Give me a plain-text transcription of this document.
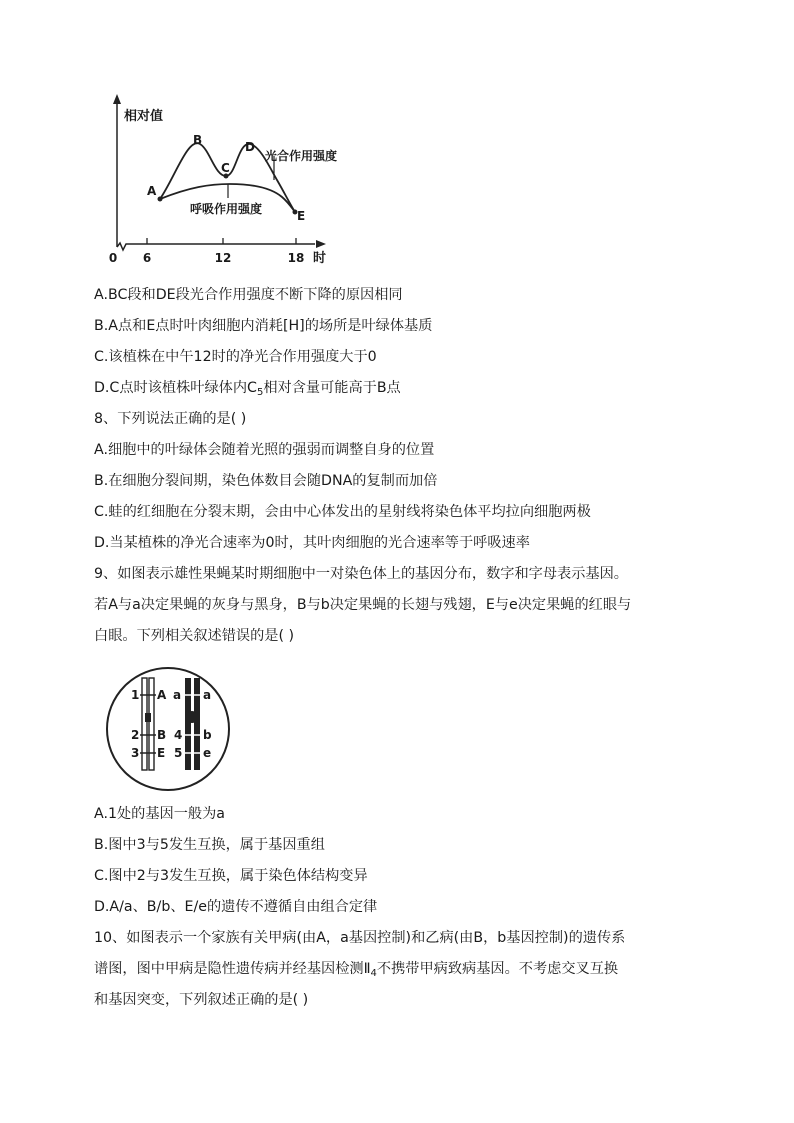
相对值
时
0 6	12	18
A
B
C
D
E
光合作用强度
呼吸作用强度
A.BC段和DE段光合作用强度不断下降的原因相同
B.A点和E点时叶肉细胞内消耗[H]的场所是叶绿体基质
C.该植株在中午12时的净光合作用强度大于0
D.C点时该植株叶绿体内$C_5$相对含量可能高于B点
8、下列说法正确的是( )
A.细胞中的叶绿体会随着光照的强弱而调整自身的位置
B.在细胞分裂间期，染色体数目会随DNA的复制而加倍
C.蛙的红细胞在分裂末期，会由中心体发出的星射线将染色体平均拉向细胞两极
D.当某植株的净光合速率为0时，其叶肉细胞的光合速率等于呼吸速率
9、如图表示雄性果蝇某时期细胞中一对染色体上的基因分布，数字和字母表示基因。
若A与a决定果蝇的灰身与黑身，B与b决定果蝇的长翅与残翅，E与e决定果蝇的红眼与
白眼。下列相关叙述错误的是( )
1
2
3
A
B
E
a
4
5
a
b
e
A.1处的基因一般为a
B.图中3与5发生互换，属于基因重组
C.图中2与3发生互换，属于染色体结构变异
D.A/a、B/b、E/e的遗传不遵循自由组合定律
10、如图表示一个家族有关甲病(由A，a基因控制)和乙病(由B，b基因控制)的遗传系
谱图，图中甲病是隐性遗传病并经基因检测$Ⅱ_4$不携带甲病致病基因。不考虑交叉互换
和基因突变，下列叙述正确的是( )
